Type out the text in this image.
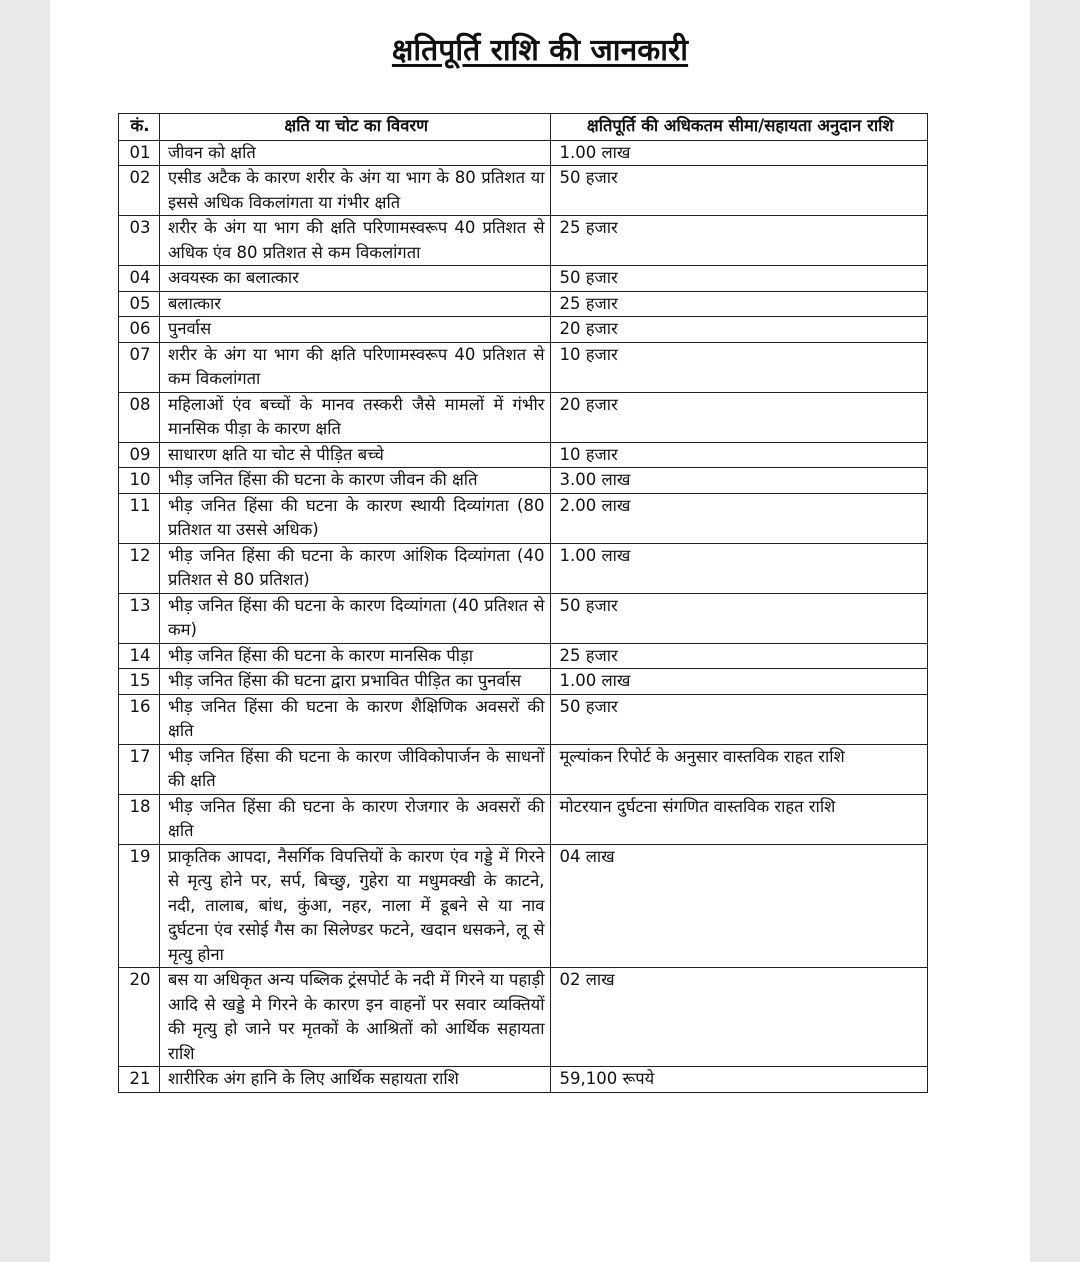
क्षतिपूर्ति राशि की जानकारी
कं.	क्षति या चोट का विवरण	क्षतिपूर्ति की अधिकतम सीमा/सहायता अनुदान राशि
01	जीवन को क्षति	1.00 लाख
02	एसीड अटैक के कारण शरीर के अंग या भाग के 80 प्रतिशत या इससे अधिक विकलांगता या गंभीर क्षति	50 हजार
03	शरीर के अंग या भाग की क्षति परिणामस्वरूप 40 प्रतिशत से अधिक एंव 80 प्रतिशत से कम विकलांगता	25 हजार
04	अवयस्क का बलात्कार	50 हजार
05	बलात्कार	25 हजार
06	पुनर्वास	20 हजार
07	शरीर के अंग या भाग की क्षति परिणामस्वरूप 40 प्रतिशत से कम विकलांगता	10 हजार
08	महिलाओं एंव बच्चों के मानव तस्करी जैसे मामलों में गंभीर मानसिक पीड़ा के कारण क्षति	20 हजार
09	साधारण क्षति या चोट से पीड़ित बच्चे	10 हजार
10	भीड़ जनित हिंसा की घटना के कारण जीवन की क्षति	3.00 लाख
11	भीड़ जनित हिंसा की घटना के कारण स्थायी दिव्यांगता (80 प्रतिशत या उससे अधिक)	2.00 लाख
12	भीड़ जनित हिंसा की घटना के कारण आंशिक दिव्यांगता (40 प्रतिशत से 80 प्रतिशत)	1.00 लाख
13	भीड़ जनित हिंसा की घटना के कारण दिव्यांगता (40 प्रतिशत से कम)	50 हजार
14	भीड़ जनित हिंसा की घटना के कारण मानसिक पीड़ा	25 हजार
15	भीड़ जनित हिंसा की घटना द्वारा प्रभावित पीड़ित का पुनर्वास	1.00 लाख
16	भीड़ जनित हिंसा की घटना के कारण शैक्षिणिक अवसरों की क्षति	50 हजार
17	भीड़ जनित हिंसा की घटना के कारण जीविकोपार्जन के साधनों की क्षति	मूल्यांकन रिपोर्ट के अनुसार वास्तविक राहत राशि
18	भीड़ जनित हिंसा की घटना के कारण रोजगार के अवसरों की क्षति	मोटरयान दुर्घटना संगणित वास्तविक राहत राशि
19	प्राकृतिक आपदा, नैसर्गिक विपत्तियों के कारण एंव गड्डे में गिरने से मृत्यु होने पर, सर्प, बिच्छु, गुहेरा या मधुमक्खी के काटने, नदी, तालाब, बांध, कुंआ, नहर, नाला में डूबने से या नाव दुर्घटना एंव रसोई गैस का सिलेण्डर फटने, खदान धसकने, लू से मृत्यु होना	04 लाख
20	बस या अधिकृत अन्य पब्लिक ट्रंसपोर्ट के नदी में गिरने या पहाड़ी आदि से खड्डे मे गिरने के कारण इन वाहनों पर सवार व्यक्तियों की मृत्यु हो जाने पर मृतकों के आश्रितों को आर्थिक सहायता राशि	02 लाख
21	शारीरिक अंग हानि के लिए आर्थिक सहायता राशि	59,100 रूपये
